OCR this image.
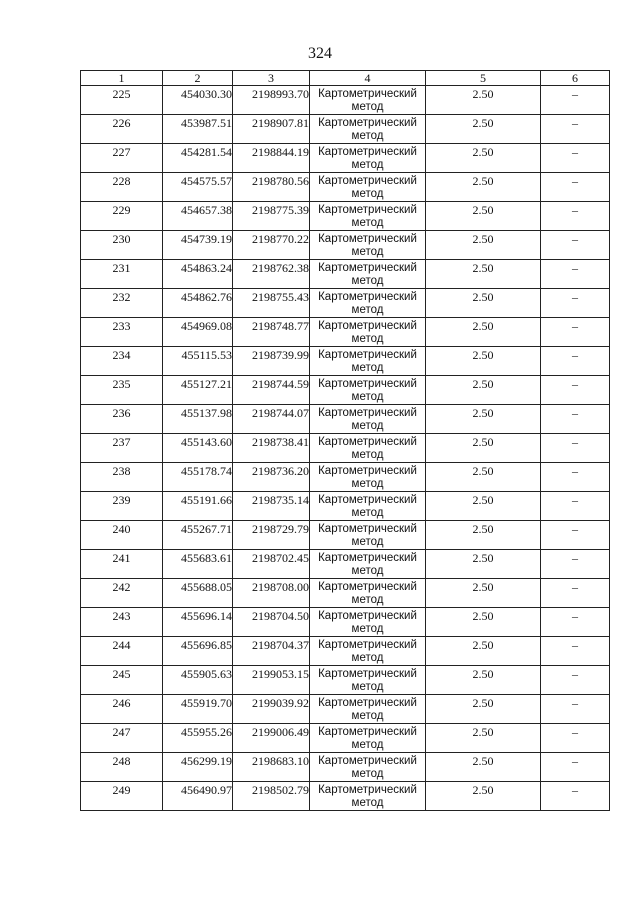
324
1	2	3	4	5	6
225	454030.30	2198993.70	Картометрический метод	2.50	–
226	453987.51	2198907.81	Картометрический метод	2.50	–
227	454281.54	2198844.19	Картометрический метод	2.50	–
228	454575.57	2198780.56	Картометрический метод	2.50	–
229	454657.38	2198775.39	Картометрический метод	2.50	–
230	454739.19	2198770.22	Картометрический метод	2.50	–
231	454863.24	2198762.38	Картометрический метод	2.50	–
232	454862.76	2198755.43	Картометрический метод	2.50	–
233	454969.08	2198748.77	Картометрический метод	2.50	–
234	455115.53	2198739.99	Картометрический метод	2.50	–
235	455127.21	2198744.59	Картометрический метод	2.50	–
236	455137.98	2198744.07	Картометрический метод	2.50	–
237	455143.60	2198738.41	Картометрический метод	2.50	–
238	455178.74	2198736.20	Картометрический метод	2.50	–
239	455191.66	2198735.14	Картометрический метод	2.50	–
240	455267.71	2198729.79	Картометрический метод	2.50	–
241	455683.61	2198702.45	Картометрический метод	2.50	–
242	455688.05	2198708.00	Картометрический метод	2.50	–
243	455696.14	2198704.50	Картометрический метод	2.50	–
244	455696.85	2198704.37	Картометрический метод	2.50	–
245	455905.63	2199053.15	Картометрический метод	2.50	–
246	455919.70	2199039.92	Картометрический метод	2.50	–
247	455955.26	2199006.49	Картометрический метод	2.50	–
248	456299.19	2198683.10	Картометрический метод	2.50	–
249	456490.97	2198502.79	Картометрический метод	2.50	–
